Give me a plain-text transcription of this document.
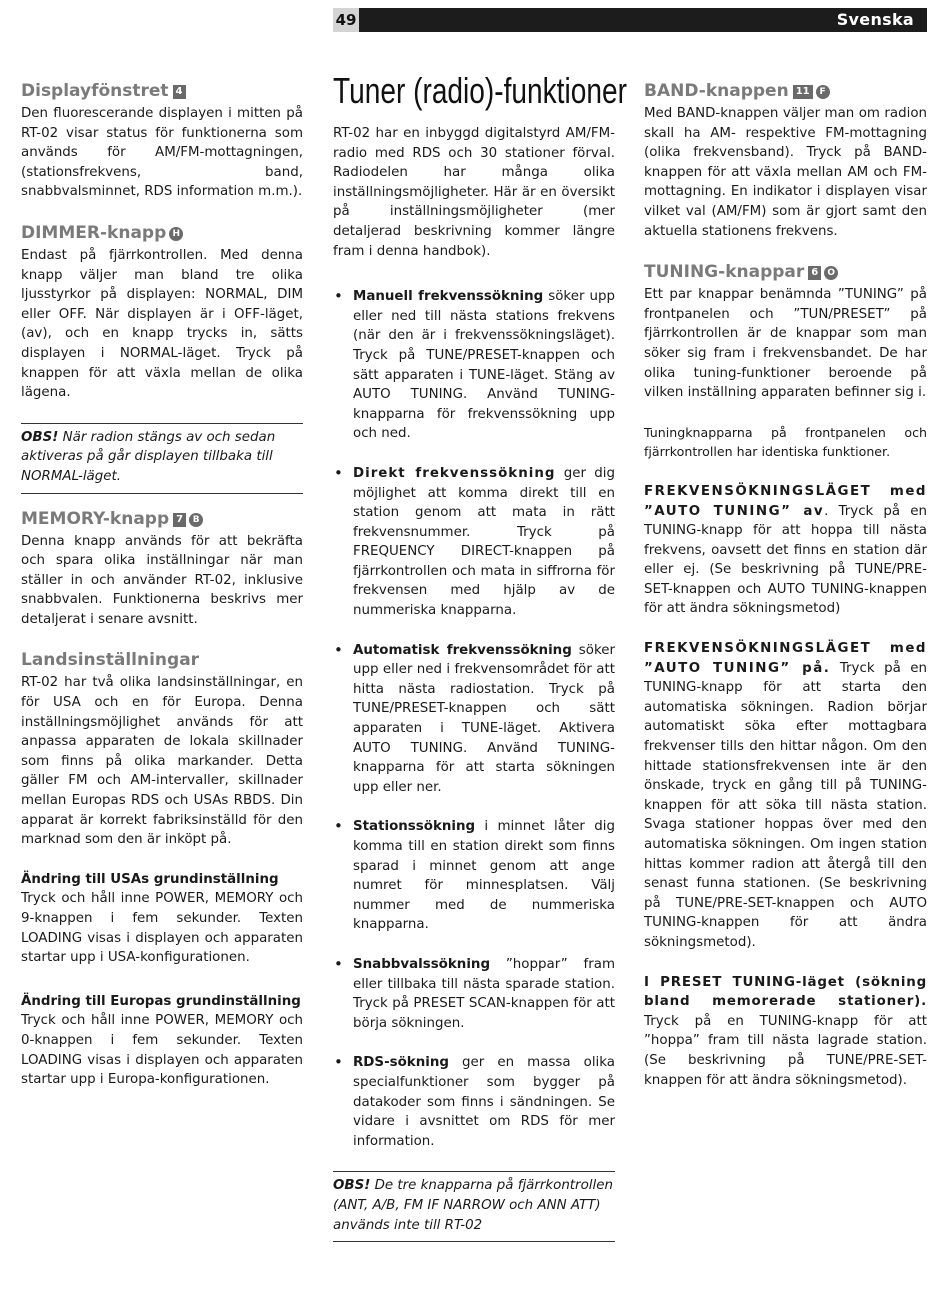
49	Svenska
Displayfönstret 4

Den fluorescerande displayen i mitten på RT-02 visar status för funktionerna som används för AM/FM-mottagningen, (stationsfrekvens, band, snabbvalsminnet, RDS information m.m.).

DIMMER-knapp H

Endast på fjärrkontrollen. Med denna knapp väljer man bland tre olika ljusstyrkor på displayen: NORMAL, DIM eller OFF. När displayen är i OFF-läget, (av), och en knapp trycks in, sätts displayen i NORMAL-läget. Tryck på knappen för att växla mellan de olika lägena.

OBS! När radion stängs av och sedan aktiveras på går displayen tillbaka till NORMAL-läget.
MEMORY-knapp 7 B

Denna knapp används för att bekräfta och spara olika inställningar när man ställer in och använder RT-02, inklusive snabbvalen. Funktionerna beskrivs mer detaljerat i senare avsnitt.

Landsinställningar

RT-02 har två olika landsinställningar, en för USA och en för Europa. Denna inställningsmöjlighet används för att anpassa apparaten de lokala skillnader som finns på olika markander. Detta gäller FM och AM-intervaller, skillnader mellan Europas RDS och USAs RBDS. Din apparat är korrekt fabriksinställd för den marknad som den är inköpt på.

Ändring till USAs grundinställning
Tryck och håll inne POWER, MEMORY och 9-knappen i fem sekunder. Texten LOADING visas i displayen och apparaten startar upp i USA-konfigurationen.

Ändring till Europas grundinställning
Tryck och håll inne POWER, MEMORY och 0-knappen i fem sekunder. Texten LOADING visas i displayen och apparaten startar upp i Europa-konfigurationen.

Tuner (radio)-funktioner

RT-02 har en inbyggd digitalstyrd AM/FM-radio med RDS och 30 stationer förval. Radiodelen har många olika inställningsmöjligheter. Här är en översikt på inställningsmöjligheter (mer detaljerad beskrivning kommer längre fram i denna handbok).

• Manuell frekvenssökning söker upp eller ned till nästa stations frekvens (när den är i frekvenssökningsläget). Tryck på TUNE/PRESET-knappen och sätt apparaten i TUNE-läget. Stäng av AUTO TUNING. Använd TUNING-knapparna för frekvenssökning upp och ned.
• Direkt frekvenssökning ger dig möjlighet att komma direkt till en station genom att mata in rätt frekvensnummer. Tryck på FREQUENCY DIRECT-knappen på fjärrkontrollen och mata in siffrorna för frekvensen med hjälp av de nummeriska knapparna.
• Automatisk frekvenssökning söker upp eller ned i frekvensområdet för att hitta nästa radiostation. Tryck på TUNE/PRESET-knappen och sätt apparaten i TUNE-läget. Aktivera AUTO TUNING. Använd TUNING-knapparna för att starta sökningen upp eller ner.
• Stationssökning i minnet låter dig komma till en station direkt som finns sparad i minnet genom att ange numret för minnesplatsen. Välj nummer med de nummeriska knapparna.
• Snabbvalssökning ”hoppar” fram eller tillbaka till nästa sparade station. Tryck på PRESET SCAN-knappen för att börja sökningen.
• RDS-sökning ger en massa olika specialfunktioner som bygger på datakoder som finns i sändningen. Se vidare i avsnittet om RDS för mer information.
OBS! De tre knapparna på fjärrkontrollen (ANT, A/B, FM IF NARROW och ANN ATT) används inte till RT-02
BAND-knappen 11 F

Med BAND-knappen väljer man om radion skall ha AM- respektive FM-mottagning (olika frekvensband). Tryck på BAND-knappen för att växla mellan AM och FM-mottagning. En indikator i displayen visar vilket val (AM/FM) som är gjort samt den aktuella stationens frekvens.

TUNING-knappar 6 O

Ett par knappar benämnda ”TUNING” på frontpanelen och ”TUN/PRESET” på fjärrkontrollen är de knappar som man söker sig fram i frekvensbandet. De har olika tuning-funktioner beroende på vilken inställning apparaten befinner sig i.

Tuningknapparna på frontpanelen och fjärrkontrollen har identiska funktioner.

FREKVENSÖKNINGSLÄGET med ”AUTO TUNING” av. Tryck på en TUNING-knapp för att hoppa till nästa frekvens, oavsett det finns en station där eller ej. (Se beskrivning på TUNE/PRE-SET-knappen och AUTO TUNING-knappen för att ändra sökningsmetod)

FREKVENSÖKNINGSLÄGET med ”AUTO TUNING” på. Tryck på en TUNING-knapp för att starta den automatiska sökningen. Radion börjar automatiskt söka efter mottagbara frekvenser tills den hittar någon. Om den hittade stationsfrekvensen inte är den önskade, tryck en gång till på TUNING-knappen för att söka till nästa station. Svaga stationer hoppas över med den automatiska sökningen. Om ingen station hittas kommer radion att återgå till den senast funna stationen. (Se beskrivning på TUNE/PRE-SET-knappen och AUTO TUNING-knappen för att ändra sökningsmetod).

I PRESET TUNING-läget (sökning bland memorerade stationer). Tryck på en TUNING-knapp för att ”hoppa” fram till nästa lagrade station. (Se beskrivning på TUNE/PRE-SET-knappen för att ändra sökningsmetod).
